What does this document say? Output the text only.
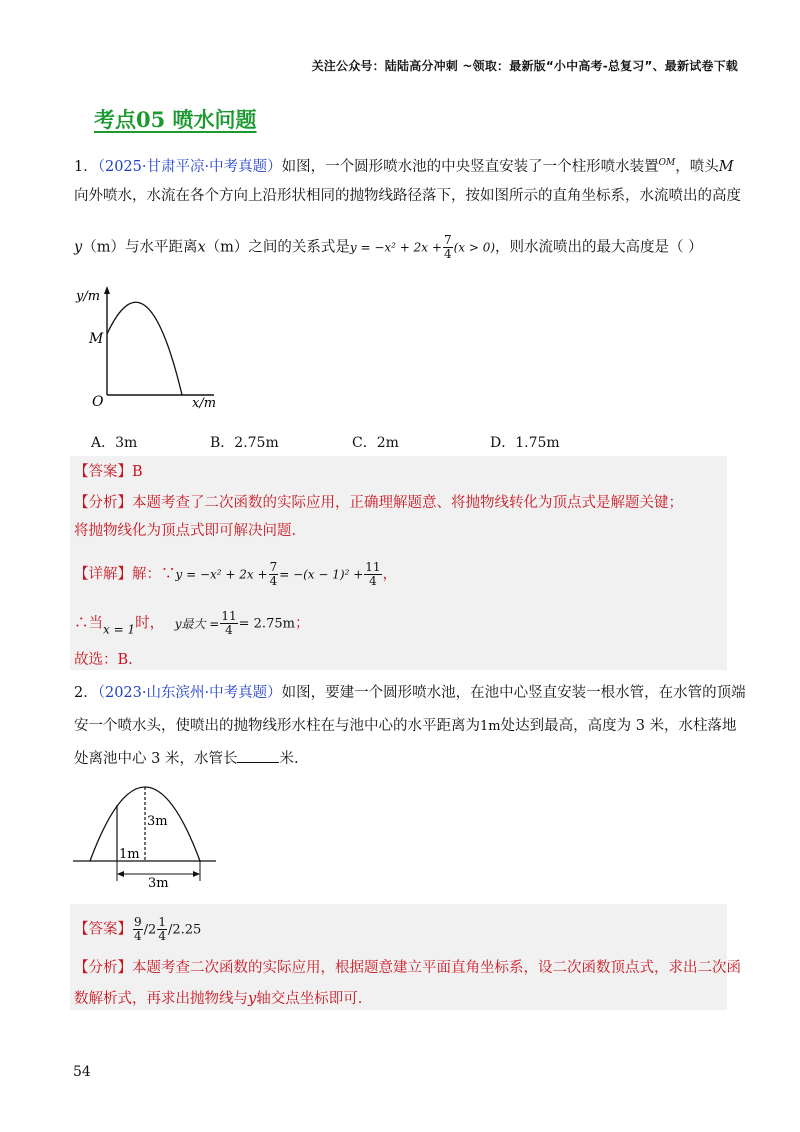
关注公众号：陆陆高分冲刺 ~领取：最新版“小中高考-总复习”、最新试卷下载
考点05 喷水问题
1．（2025·甘肃平凉·中考真题）如图，一个圆形喷水池的中央竖直安装了一个柱形喷水装置$^{OM}$，喷头M
向外喷水，水流在各个方向上沿形状相同的抛物线路径落下，按如图所示的直角坐标系，水流喷出的高度
y（m）与水平距离x（m）之间的关系式是$y = -x^2 + 2x + \frac{7}{4} (x > 0)$，则水流喷出的最大高度是（ ）
y/m
x/m
O
M
A．3m	B．2.75m	C．2m	D．1.75m
【答案】B
【分析】本题考查了二次函数的实际应用，正确理解题意、将抛物线转化为顶点式是解题关键；
将抛物线化为顶点式即可解决问题.
【详解】解：∵y = $-x^2 + 2x + \frac{7}{4} = -(x - 1)^2 + \frac{11}{4}$ ，
∴当$_{x = 1}$时， y最大 = $\frac{11}{4} = 2.75m$；
故选：B.
2．（2023·山东滨州·中考真题）如图，要建一个圆形喷水池，在池中心竖直安装一根水管，在水管的顶端
安一个喷水头，使喷出的抛物线形水柱在与池中心的水平距离为1m处达到最高，高度为 3 米，水柱落地
处离池中心 3 米，水管长	米.
3m
1m
3m
【答案】 $\frac{9}{4} /2 \frac{1}{4} /2.25$
【分析】本题考查二次函数的实际应用，根据题意建立平面直角坐标系，设二次函数顶点式，求出二次函
数解析式，再求出抛物线与y轴交点坐标即可.
54
